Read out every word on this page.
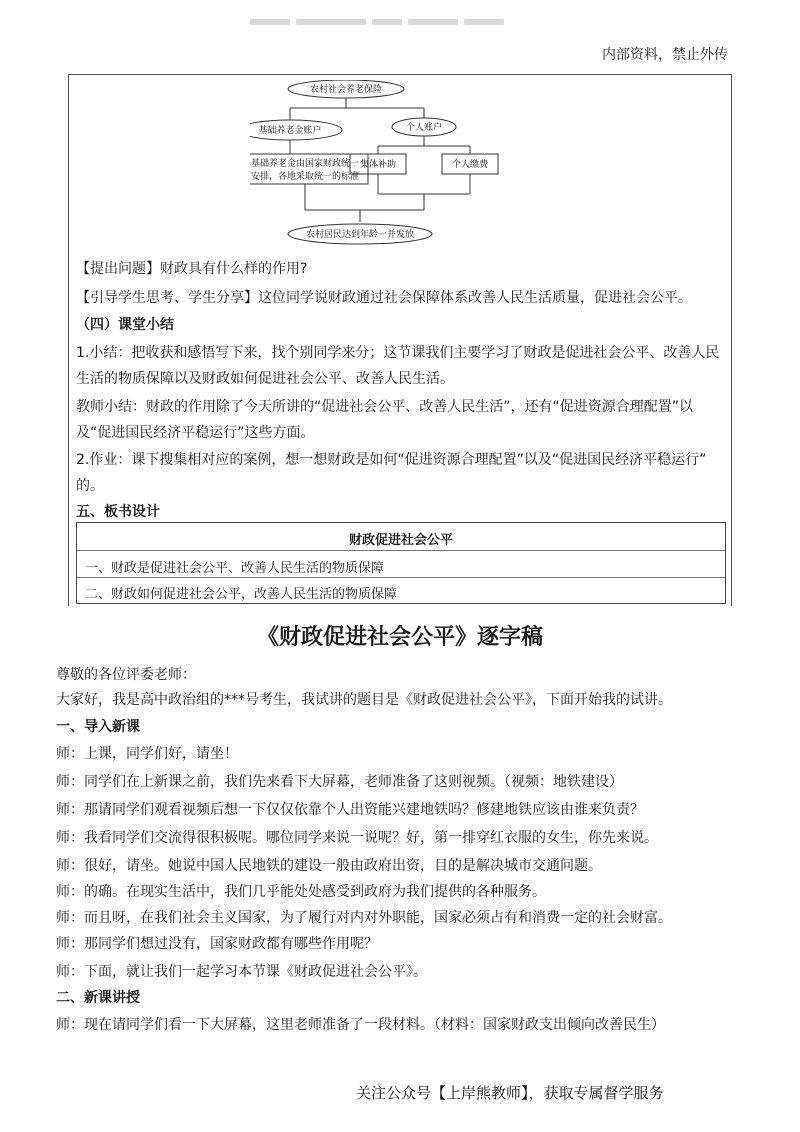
内部资料，禁止外传
农村社会养老保险
基础养老金账户	个人账户
基础养老金由国家财政统一
安排，各地采取统一的标准
集体补助	个人缴费
农村居民达到年龄一并发放
【提出问题】财政具有什么样的作用?
【引导学生思考、学生分享】这位同学说财政通过社会保障体系改善人民生活质量，促进社会公平。
（四）课堂小结
1.小结：把收获和感悟写下来，找个别同学来分；这节课我们主要学习了财政是促进社会公平、改善人民
生活的物质保障以及财政如何促进社会公平、改善人民生活。
教师小结：财政的作用除了今天所讲的“促进社会公平、改善人民生活”，还有“促进资源合理配置”以
及“促进国民经济平稳运行”这些方面。
2.作业：课下搜集相对应的案例，想一想财政是如何“促进资源合理配置”以及“促进国民经济平稳运行”
的。
五、板书设计
财政促进社会公平
一、财政是促进社会公平、改善人民生活的物质保障
二、财政如何促进社会公平，改善人民生活的物质保障
《财政促进社会公平》逐字稿
尊敬的各位评委老师：
大家好，我是高中政治组的***号考生，我试讲的题目是《财政促进社会公平》，下面开始我的试讲。
一、导入新课
师：上课，同学们好，请坐！
师：同学们在上新课之前，我们先来看下大屏幕，老师准备了这则视频。（视频：地铁建设）
师：那请同学们观看视频后想一下仅仅依靠个人出资能兴建地铁吗？修建地铁应该由谁来负责？
师：我看同学们交流得很积极呢。哪位同学来说一说呢？好，第一排穿红衣服的女生，你先来说。
师：很好，请坐。她说中国人民地铁的建设一般由政府出资，目的是解决城市交通问题。
师：的确。在现实生活中，我们几乎能处处感受到政府为我们提供的各种服务。
师：而且呀，在我们社会主义国家，为了履行对内对外职能，国家必须占有和消费一定的社会财富。
师：那同学们想过没有，国家财政都有哪些作用呢？
师：下面，就让我们一起学习本节课《财政促进社会公平》。
二、新课讲授
师：现在请同学们看一下大屏幕，这里老师准备了一段材料。（材料：国家财政支出倾向改善民生）
关注公众号【上岸熊教师】，获取专属督学服务
